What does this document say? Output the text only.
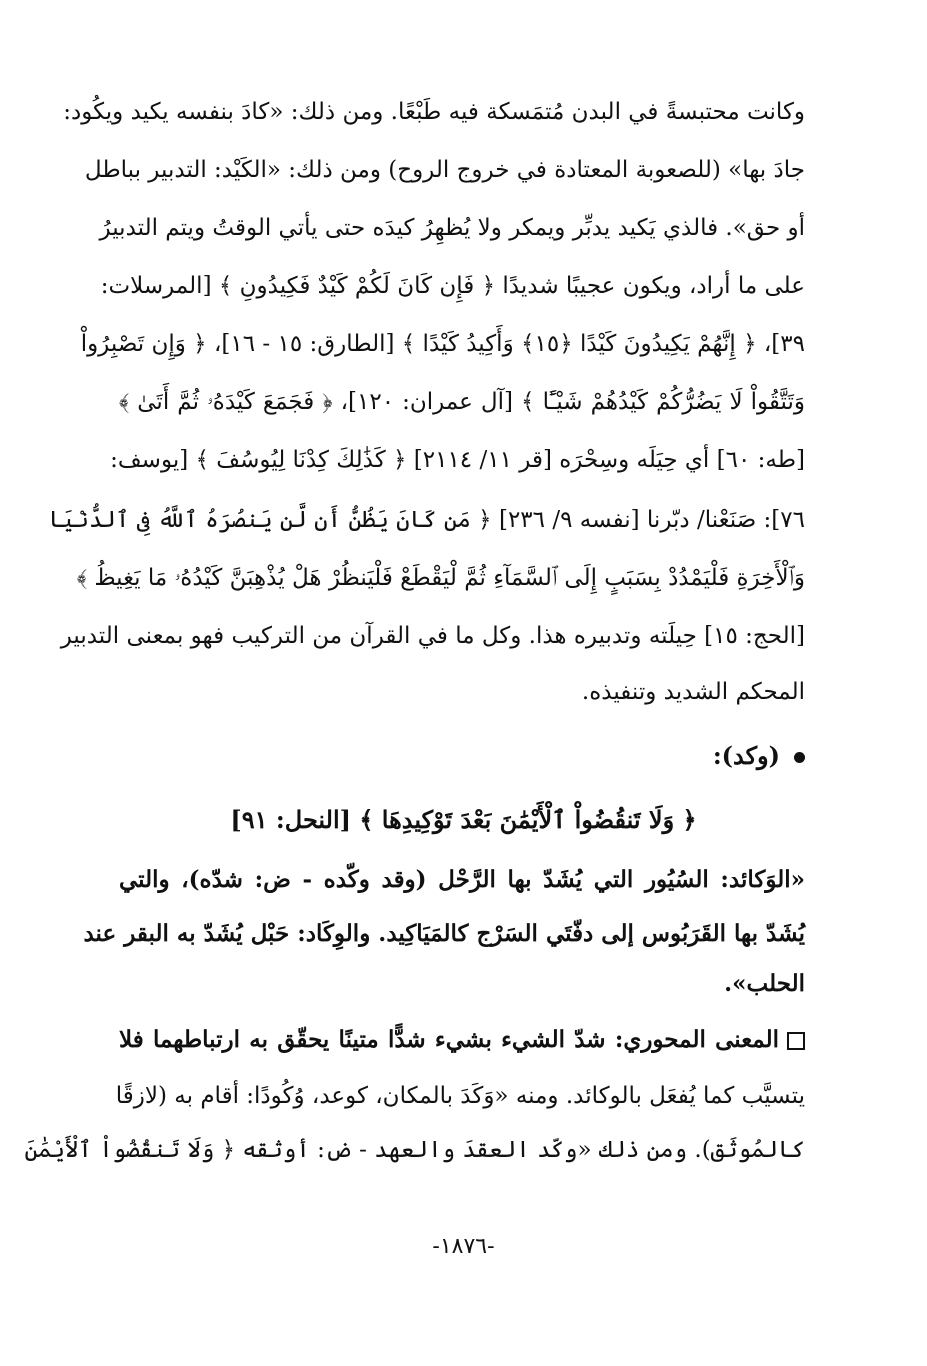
وكانت محتبسةً في البدن مُتمَسكة فيه طَبْعًا. ومن ذلك: «كادَ بنفسه يكيد ويكُود:
جادَ بها» (للصعوبة المعتادة في خروج الروح) ومن ذلك: «الكَيْد: التدبير بباطل
أو حق». فالذي يَكيد يدبِّر ويمكر ولا يُظهِرُ كيدَه حتى يأتي الوقتُ ويتم التدبيرُ
على ما أراد، ويكون عجيبًا شديدًا ﴿ فَإِن كَانَ لَكُمْ كَيْدٌ فَكِيدُونِ ﴾ [المرسلات:
٣٩]، ﴿ إِنَّهُمْ يَكِيدُونَ كَيْدًا ﴿١٥﴾ وَأَكِيدُ كَيْدًا ﴾ [الطارق: ١٥ - ١٦]، ﴿ وَإِن تَصْبِرُواْ
وَتَتَّقُواْ لَا يَضُرُّكُمْ كَيْدُهُمْ شَيْـًٔا ﴾ [آل عمران: ١٢٠]، ﴿ فَجَمَعَ كَيْدَهُۥ ثُمَّ أَتَىٰ ﴾
[طه: ٦٠] أي حِيَلَه وسِحْرَه [قر ١١/ ٢١١٤] ﴿ كَذَٰلِكَ كِدْنَا لِيُوسُفَ ﴾ [يوسف:
٧٦]: صَنَعْنا/ دبّرنا [نفسه ٩/ ٢٣٦] ﴿ مَن كَانَ يَظُنُّ أَن لَّن يَنصُرَهُ ٱللَّهُ فِى ٱلدُّنْيَا
وَٱلْأَخِرَةِ فَلْيَمْدُدْ بِسَبَبٍ إِلَى ٱلسَّمَآءِ ثُمَّ لْيَقْطَعْ فَلْيَنظُرْ هَلْ يُذْهِبَنَّ كَيْدُهُۥ مَا يَغِيظُ ﴾
[الحج: ١٥] حِيلَته وتدبيره هذا. وكل ما في القرآن من التركيب فهو بمعنى التدبير
المحكم الشديد وتنفيذه.
(وكد):
﴿ وَلَا تَنقُضُواْ ٱلْأَيْمَٰنَ بَعْدَ تَوْكِيدِهَا ﴾ [النحل: ٩١]
«الوَكائد: السُيُور التي يُشَدّ بها الرَّحْل (وقد وكّده - ض: شدّه)، والتي
يُشَدّ بها القَرَبُوس إلى دفّتَي السَرْج كالمَيَاكِيد. والوِكَاد: حَبْل يُشَدّ به البقر عند
الحلب».
المعنى المحوري: شدّ الشيء بشيء شدًّا متينًا يحقّق به ارتباطهما فلا
يتسيَّب كما يُفعَل بالوكائد. ومنه «وَكَدَ بالمكان، كوعد، وُكُودًا: أقام به (لازقًا
كالمُوثَق). ومن ذلك «وكّد العقدَ والعهد - ض: أوثقه ﴿ وَلَا تَنقُضُواْ ٱلْأَيْمَٰنَ
-١٨٧٦-
